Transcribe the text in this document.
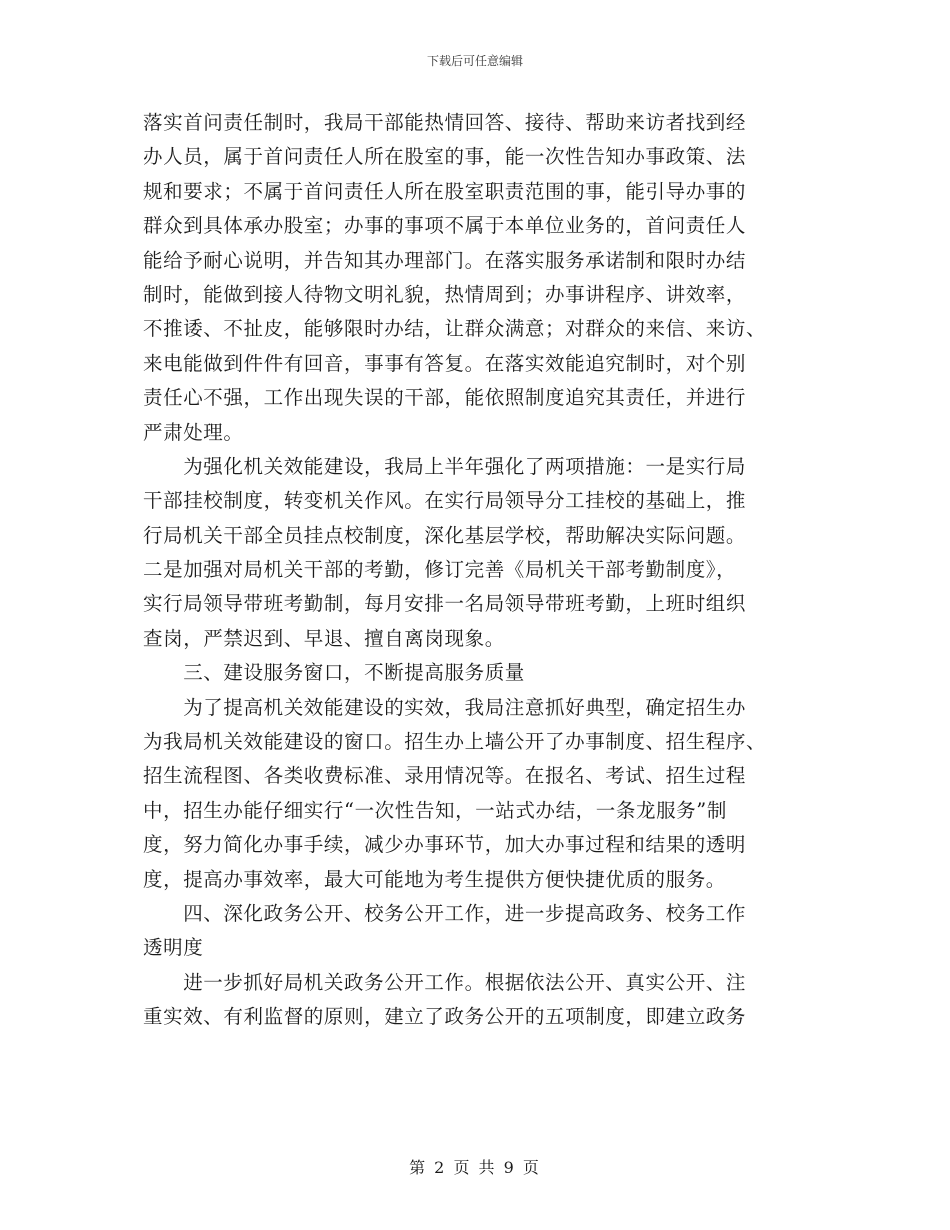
下载后可任意编辑
落实首问责任制时，我局干部能热情回答、接待、帮助来访者找到经
办人员，属于首问责任人所在股室的事，能一次性告知办事政策、法
规和要求；不属于首问责任人所在股室职责范围的事，能引导办事的
群众到具体承办股室；办事的事项不属于本单位业务的，首问责任人
能给予耐心说明，并告知其办理部门。在落实服务承诺制和限时办结
制时，能做到接人待物文明礼貌，热情周到；办事讲程序、讲效率，
不推诿、不扯皮，能够限时办结，让群众满意；对群众的来信、来访、
来电能做到件件有回音，事事有答复。在落实效能追究制时，对个别
责任心不强，工作出现失误的干部，能依照制度追究其责任，并进行
严肃处理。
　　为强化机关效能建设，我局上半年强化了两项措施：一是实行局
干部挂校制度，转变机关作风。在实行局领导分工挂校的基础上，推
行局机关干部全员挂点校制度，深化基层学校，帮助解决实际问题。
二是加强对局机关干部的考勤，修订完善《局机关干部考勤制度》，
实行局领导带班考勤制，每月安排一名局领导带班考勤，上班时组织
查岗，严禁迟到、早退、擅自离岗现象。
　　三、建设服务窗口，不断提高服务质量
　　为了提高机关效能建设的实效，我局注意抓好典型，确定招生办
为我局机关效能建设的窗口。招生办上墙公开了办事制度、招生程序、
招生流程图、各类收费标准、录用情况等。在报名、考试、招生过程
中，招生办能仔细实行“一次性告知，一站式办结，一条龙服务”制
度，努力简化办事手续，减少办事环节，加大办事过程和结果的透明
度，提高办事效率，最大可能地为考生提供方便快捷优质的服务。
　　四、深化政务公开、校务公开工作，进一步提高政务、校务工作
透明度
　　进一步抓好局机关政务公开工作。根据依法公开、真实公开、注
重实效、有利监督的原则，建立了政务公开的五项制度，即建立政务
第 2 页 共 9 页
